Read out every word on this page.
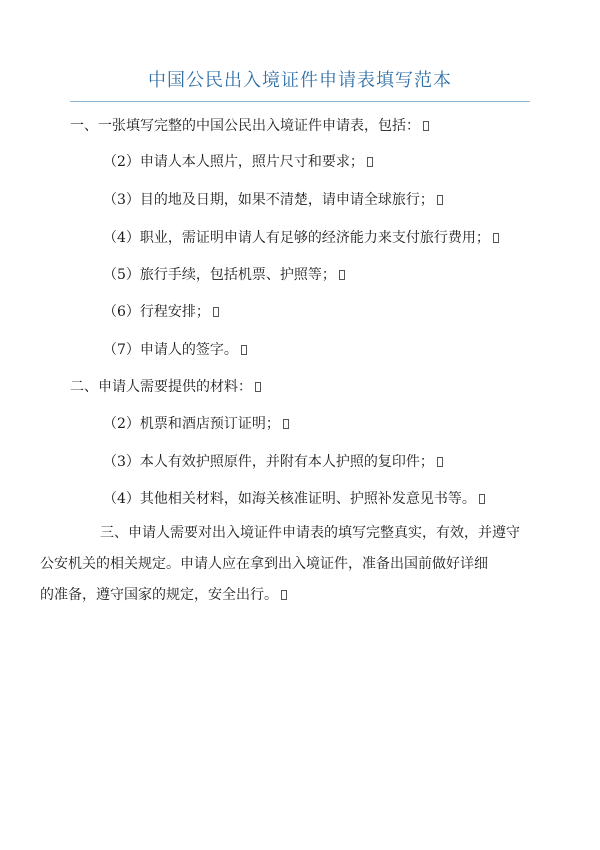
中国公民出入境证件申请表填写范本
一、一张填写完整的中国公民出入境证件申请表，包括：
（2）申请人本人照片，照片尺寸和要求；
（3）目的地及日期，如果不清楚，请申请全球旅行；
（4）职业，需证明申请人有足够的经济能力来支付旅行费用；
（5）旅行手续，包括机票、护照等；
（6）行程安排；
（7）申请人的签字。
二、申请人需要提供的材料：
（2）机票和酒店预订证明；
（3）本人有效护照原件，并附有本人护照的复印件；
（4）其他相关材料，如海关核准证明、护照补发意见书等。
三、申请人需要对出入境证件申请表的填写完整真实，有效，并遵守
公安机关的相关规定。申请人应在拿到出入境证件，准备出国前做好详细
的准备，遵守国家的规定，安全出行。
